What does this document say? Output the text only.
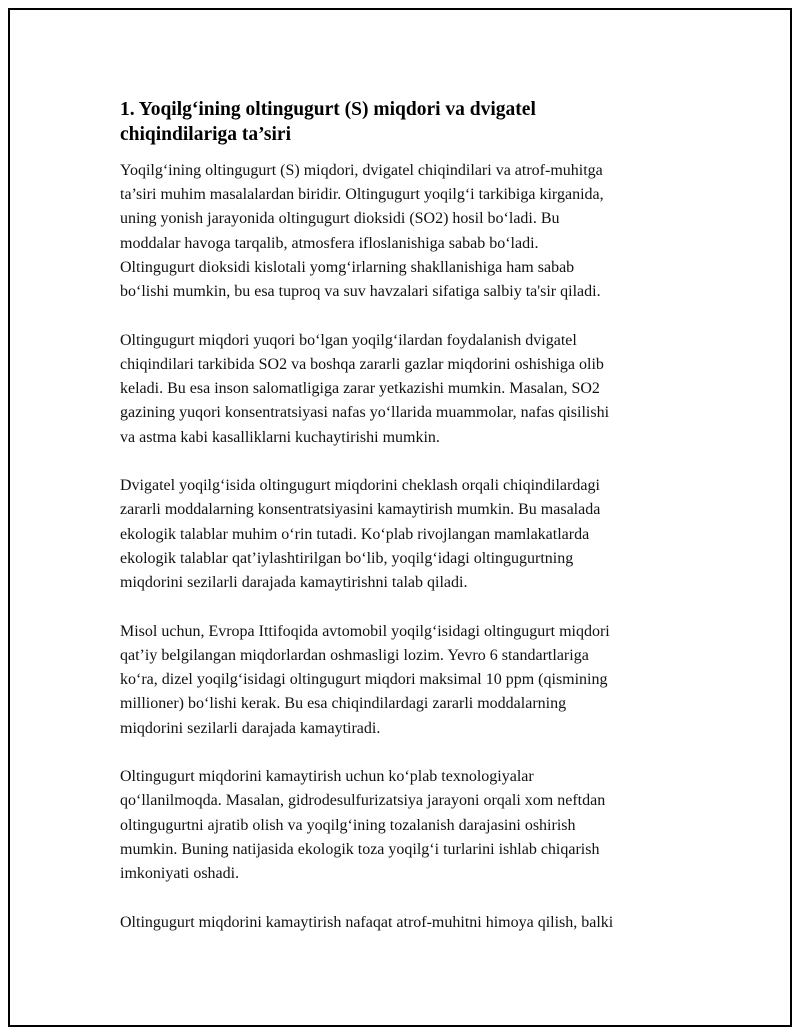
1. Yoqilg‘ining oltingugurt (S) miqdori va dvigatel
chiqindilariga ta’siri

Yoqilg‘ining oltingugurt (S) miqdori, dvigatel chiqindilari va atrof-muhitga
ta’siri muhim masalalardan biridir. Oltingugurt yoqilg‘i tarkibiga kirganida,
uning yonish jarayonida oltingugurt dioksidi (SO2) hosil bo‘ladi. Bu
moddalar havoga tarqalib, atmosfera ifloslanishiga sabab bo‘ladi.
Oltingugurt dioksidi kislotali yomg‘irlarning shakllanishiga ham sabab
bo‘lishi mumkin, bu esa tuproq va suv havzalari sifatiga salbiy ta'sir qiladi.

Oltingugurt miqdori yuqori bo‘lgan yoqilg‘ilardan foydalanish dvigatel
chiqindilari tarkibida SO2 va boshqa zararli gazlar miqdorini oshishiga olib
keladi. Bu esa inson salomatligiga zarar yetkazishi mumkin. Masalan, SO2
gazining yuqori konsentratsiyasi nafas yo‘llarida muammolar, nafas qisilishi
va astma kabi kasalliklarni kuchaytirishi mumkin.

Dvigatel yoqilg‘isida oltingugurt miqdorini cheklash orqali chiqindilardagi
zararli moddalarning konsentratsiyasini kamaytirish mumkin. Bu masalada
ekologik talablar muhim o‘rin tutadi. Ko‘plab rivojlangan mamlakatlarda
ekologik talablar qat’iylashtirilgan bo‘lib, yoqilg‘idagi oltingugurtning
miqdorini sezilarli darajada kamaytirishni talab qiladi.

Misol uchun, Evropa Ittifoqida avtomobil yoqilg‘isidagi oltingugurt miqdori
qat’iy belgilangan miqdorlardan oshmasligi lozim. Yevro 6 standartlariga
ko‘ra, dizel yoqilg‘isidagi oltingugurt miqdori maksimal 10 ppm (qismining
millioner) bo‘lishi kerak. Bu esa chiqindilardagi zararli moddalarning
miqdorini sezilarli darajada kamaytiradi.

Oltingugurt miqdorini kamaytirish uchun ko‘plab texnologiyalar
qo‘llanilmoqda. Masalan, gidrodesulfurizatsiya jarayoni orqali xom neftdan
oltingugurtni ajratib olish va yoqilg‘ining tozalanish darajasini oshirish
mumkin. Buning natijasida ekologik toza yoqilg‘i turlarini ishlab chiqarish
imkoniyati oshadi.

Oltingugurt miqdorini kamaytirish nafaqat atrof-muhitni himoya qilish, balki
